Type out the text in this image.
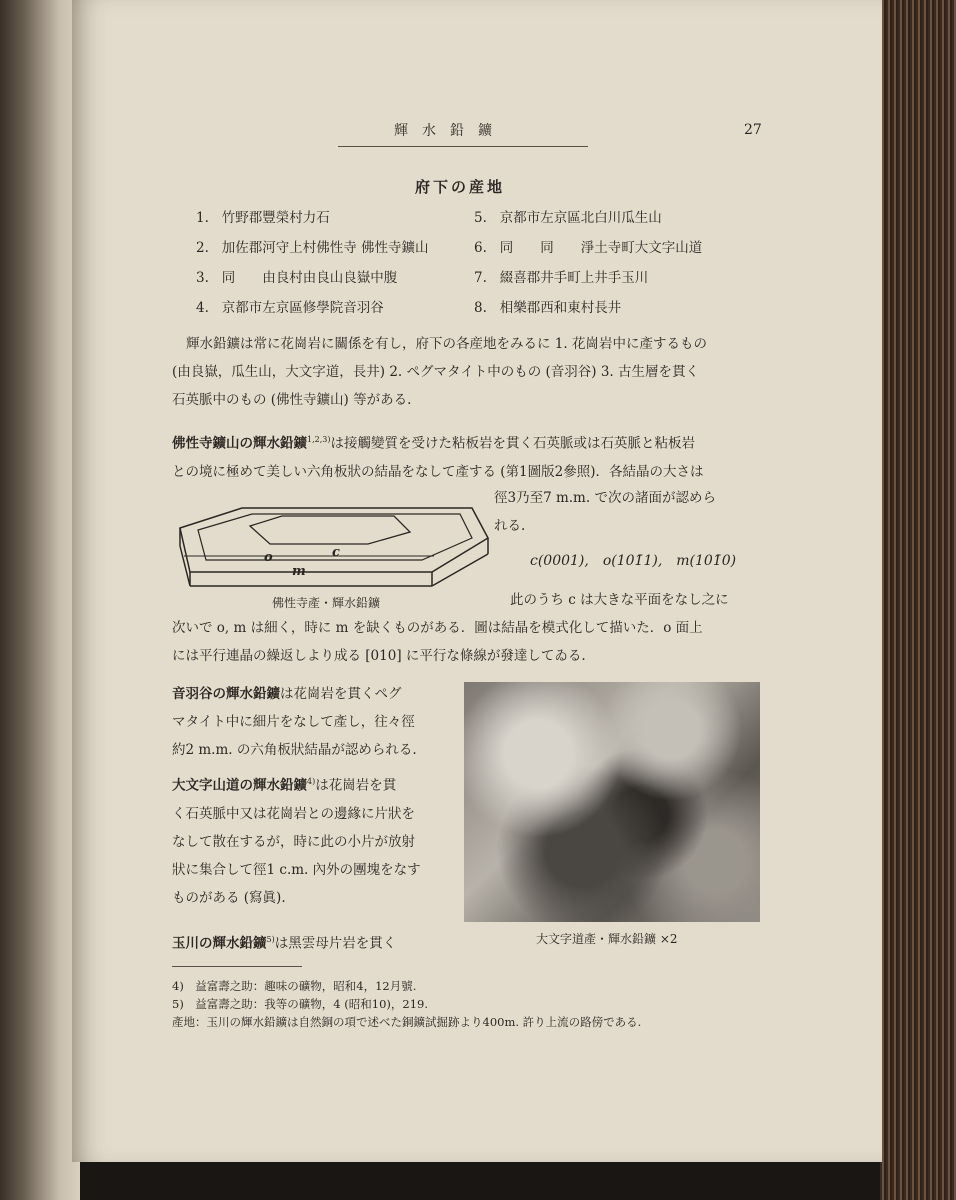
輝水鉛鑛	27
府下の産地
1. 竹野郡豐榮村力石
2. 加佐郡河守上村佛性寺 佛性寺鑛山
3. 同　　由良村由良山良嶽中腹
4. 京都市左京區修學院音羽谷
5. 京都市左京區北白川瓜生山
6. 同　　同　　淨土寺町大文字山道
7. 綴喜郡井手町上井手玉川
8. 相樂郡西和東村長井
輝水鉛鑛は常に花崗岩に關係を有し，府下の各産地をみるに 1. 花崗岩中に產するもの
(由良嶽，瓜生山，大文字道，長井) 2. ペグマタイト中のもの (音羽谷) 3. 古生層を貫く
石英脈中のもの (佛性寺鑛山) 等がある.
佛性寺鑛山の輝水鉛鑛$^{1,2,3)}$は接觸變質を受けた粘板岩を貫く石英脈或は石英脈と粘板岩
との境に極めて美しい六角板狀の結晶をなして產する (第1圖版2參照)．各結晶の大さは
徑3乃至7 m.m. で次の諸面が認めら
れる.
o
m
c
c(0001),　o(101̄1),　m(101̄0)
佛性寺產・輝水鉛鑛	此のうち c は大きな平面をなし之に
次いで o, m は細く，時に m を缺くものがある．圖は結晶を模式化して描いた．o 面上
には平行連晶の繰返しより成る [010] に平行な條線が發達してゐる.
音羽谷の輝水鉛鑛は花崗岩を貫くペグ
マタイト中に細片をなして產し，往々徑
約2 m.m. の六角板狀結晶が認められる.
大文字山道の輝水鉛鑛$^{4)}$は花崗岩を貫
く石英脈中又は花崗岩との邊緣に片狀を
なして散在するが，時に此の小片が放射
狀に集合して徑1 c.m. 內外の團塊をなす
ものがある (寫眞).
玉川の輝水鉛鑛$^{5)}$は黑雲母片岩を貫く	大文字道產・輝水鉛鑛 ×2
4)　益富壽之助：趣味の礦物，昭和4，12月號.
5)　益富壽之助：我等の礦物，4 (昭和10)，219.
產地：玉川の輝水鉛鑛は自然銅の項で述べた銅鑛試掘跡より400m. 許り上流の路傍である.
